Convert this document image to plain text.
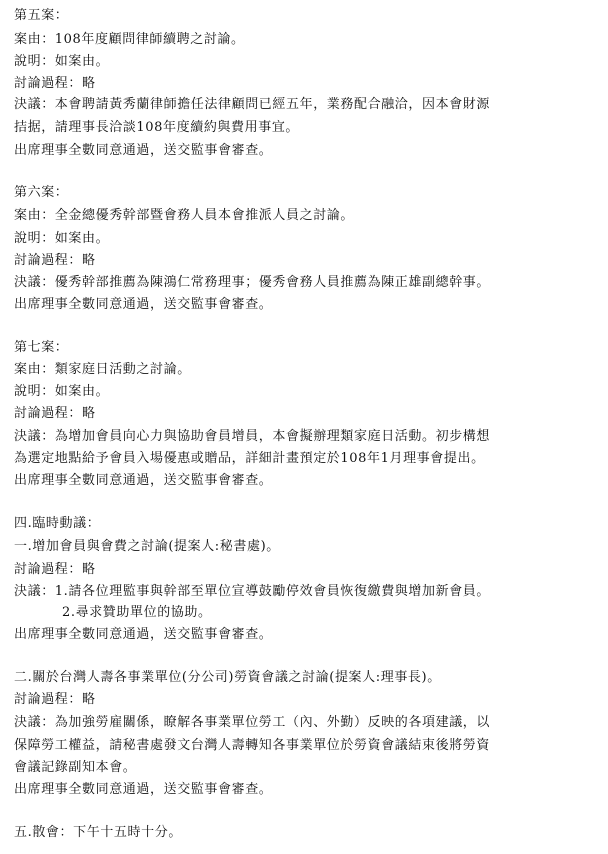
第五案：
案由：108年度顧問律師續聘之討論。
說明：如案由。
討論過程：略
決議：本會聘請黃秀蘭律師擔任法律顧問已經五年，業務配合融洽，因本會財源
拮据，請理事長洽談108年度續約與費用事宜。
出席理事全數同意通過，送交監事會審查。
第六案：
案由：全金總優秀幹部暨會務人員本會推派人員之討論。
說明：如案由。
討論過程：略
決議：優秀幹部推薦為陳鴻仁常務理事；優秀會務人員推薦為陳正雄副總幹事。
出席理事全數同意通過，送交監事會審查。
第七案：
案由：類家庭日活動之討論。
說明：如案由。
討論過程：略
決議：為增加會員向心力與協助會員增員，本會擬辦理類家庭日活動。初步構想
為選定地點給予會員入場優惠或贈品，詳細計畫預定於108年1月理事會提出。
出席理事全數同意通過，送交監事會審查。
四.臨時動議：
一.增加會員與會費之討論(提案人:秘書處)。
討論過程：略
決議：1.請各位理監事與幹部至單位宣導鼓勵停效會員恢復繳費與增加新會員。
2.尋求贊助單位的協助。
出席理事全數同意通過，送交監事會審查。
二.關於台灣人壽各事業單位(分公司)勞資會議之討論(提案人:理事長)。
討論過程：略
決議：為加強勞雇關係，瞭解各事業單位勞工（內、外勤）反映的各項建議，以
保障勞工權益，請秘書處發文台灣人壽轉知各事業單位於勞資會議結束後將勞資
會議記錄副知本會。
出席理事全數同意通過，送交監事會審查。
五.散會：下午十五時十分。
